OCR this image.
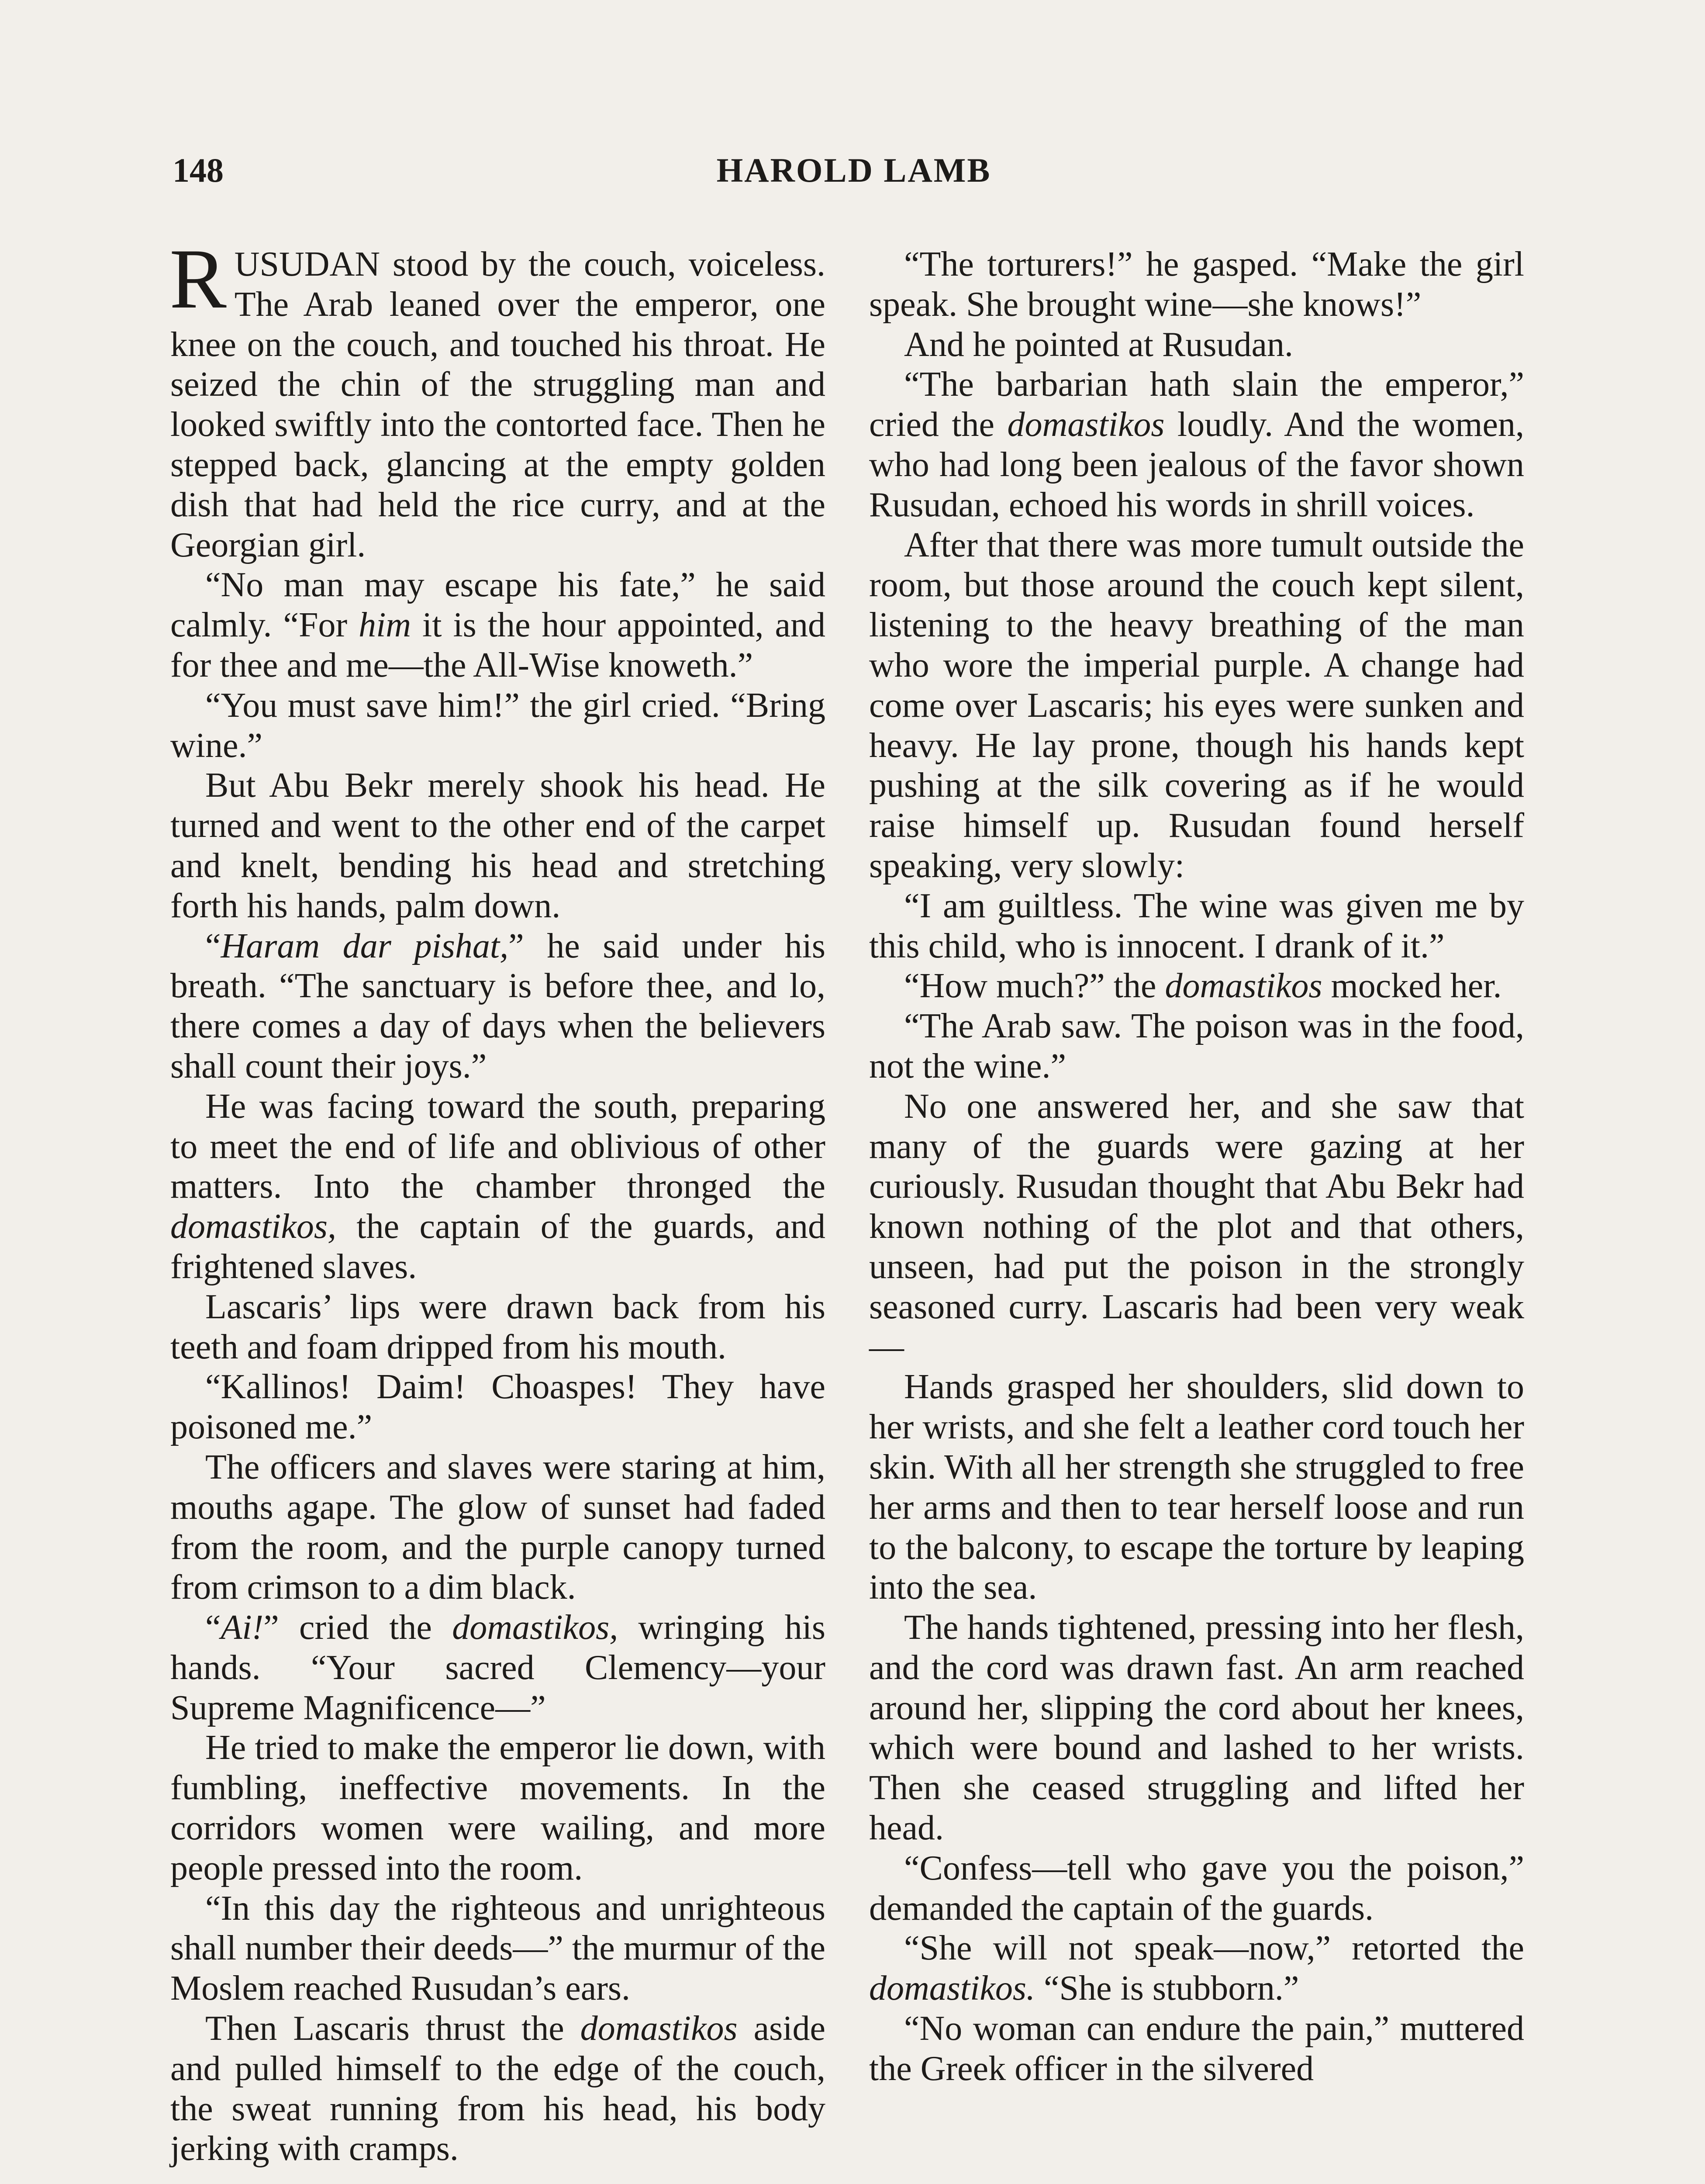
148	HAROLD LAMB

RUSUDAN stood by the couch, voiceless. The Arab leaned over the emperor, one knee on the couch, and touched his throat. He seized the chin of the struggling man and looked swiftly into the contorted face. Then he stepped back, glancing at the empty golden dish that had held the rice curry, and at the Georgian girl.

“No man may escape his fate,” he said calmly. “For him it is the hour appointed, and for thee and me—the All-Wise knoweth.”

“You must save him!” the girl cried. “Bring wine.”

But Abu Bekr merely shook his head. He turned and went to the other end of the carpet and knelt, bending his head and stretching forth his hands, palm down.

“Haram dar pishat,” he said under his breath. “The sanctuary is before thee, and lo, there comes a day of days when the believers shall count their joys.”

He was facing toward the south, preparing to meet the end of life and oblivious of other matters. Into the chamber thronged the domastikos, the captain of the guards, and frightened slaves.

Lascaris’ lips were drawn back from his teeth and foam dripped from his mouth.

“Kallinos! Daim! Choaspes! They have poisoned me.”

The officers and slaves were staring at him, mouths agape. The glow of sunset had faded from the room, and the purple canopy turned from crimson to a dim black.

“Ai!” cried the domastikos, wringing his hands. “Your sacred Clemency—your Supreme Magnificence—”

He tried to make the emperor lie down, with fumbling, ineffective movements. In the corridors women were wailing, and more people pressed into the room.

“In this day the righteous and unrighteous shall number their deeds—” the murmur of the Moslem reached Rusudan’s ears.

Then Lascaris thrust the domastikos aside and pulled himself to the edge of the couch, the sweat running from his head, his body jerking with cramps.

“The torturers!” he gasped. “Make the girl speak. She brought wine—she knows!”

And he pointed at Rusudan.

“The barbarian hath slain the emperor,” cried the domastikos loudly. And the women, who had long been jealous of the favor shown Rusudan, echoed his words in shrill voices.

After that there was more tumult outside the room, but those around the couch kept silent, listening to the heavy breathing of the man who wore the imperial purple. A change had come over Lascaris; his eyes were sunken and heavy. He lay prone, though his hands kept pushing at the silk covering as if he would raise himself up. Rusudan found herself speaking, very slowly:

“I am guiltless. The wine was given me by this child, who is innocent. I drank of it.”

“How much?” the domastikos mocked her.

“The Arab saw. The poison was in the food, not the wine.”

No one answered her, and she saw that many of the guards were gazing at her curiously. Rusudan thought that Abu Bekr had known nothing of the plot and that others, unseen, had put the poison in the strongly seasoned curry. Lascaris had been very weak—

Hands grasped her shoulders, slid down to her wrists, and she felt a leather cord touch her skin. With all her strength she struggled to free her arms and then to tear herself loose and run to the balcony, to escape the torture by leaping into the sea.

The hands tightened, pressing into her flesh, and the cord was drawn fast. An arm reached around her, slipping the cord about her knees, which were bound and lashed to her wrists. Then she ceased struggling and lifted her head.

“Confess—tell who gave you the poison,” demanded the captain of the guards.

“She will not speak—now,” retorted the domastikos. “She is stubborn.”

“No woman can endure the pain,” muttered the Greek officer in the silvered
